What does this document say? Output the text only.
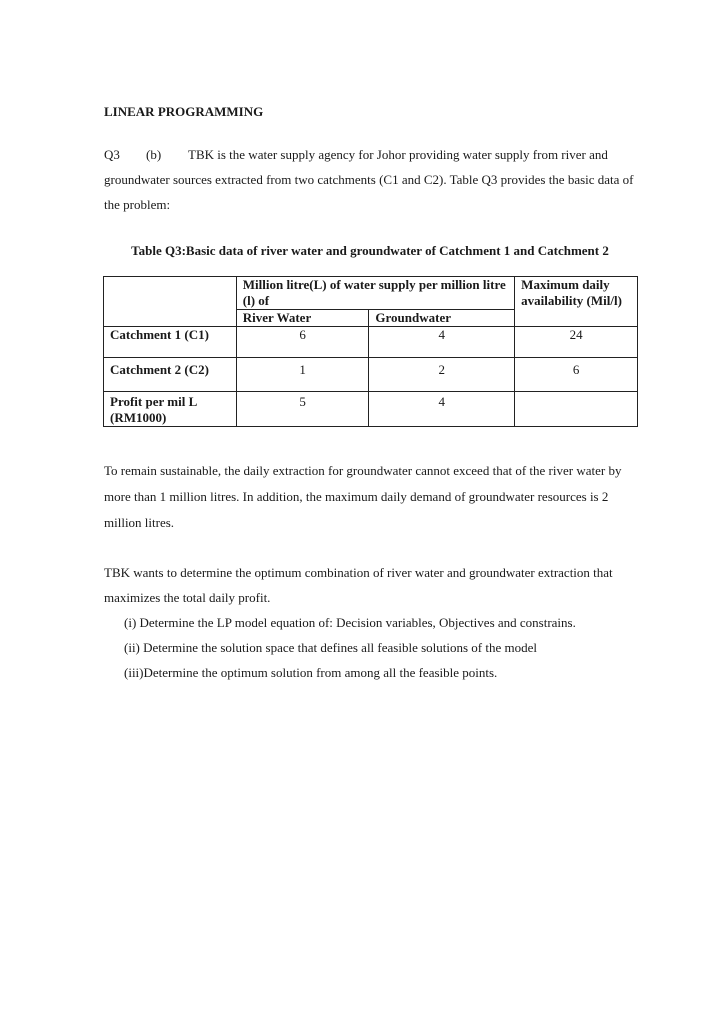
LINEAR PROGRAMMING
Q3 (b) TBK is the water supply agency for Johor providing water supply from river and groundwater sources extracted from two catchments (C1 and C2). Table Q3 provides the basic data of the problem:
Table Q3:Basic data of river water and groundwater of Catchment 1 and Catchment 2
	Million litre(L) of water supply per million litre (l) of		Maximum daily availability (Mil/l)
	River Water	Groundwater	
Catchment 1 (C1)	6	4	24
Catchment 2 (C2)	1	2	6
Profit per mil L (RM1000)	5	4	
To remain sustainable, the daily extraction for groundwater cannot exceed that of the river water by more than 1 million litres. In addition, the maximum daily demand of groundwater resources is 2 million litres.
TBK wants to determine the optimum combination of river water and groundwater extraction that maximizes the total daily profit.
(i) Determine the LP model equation of: Decision variables, Objectives and constrains.
(ii) Determine the solution space that defines all feasible solutions of the model
(iii)Determine the optimum solution from among all the feasible points.
